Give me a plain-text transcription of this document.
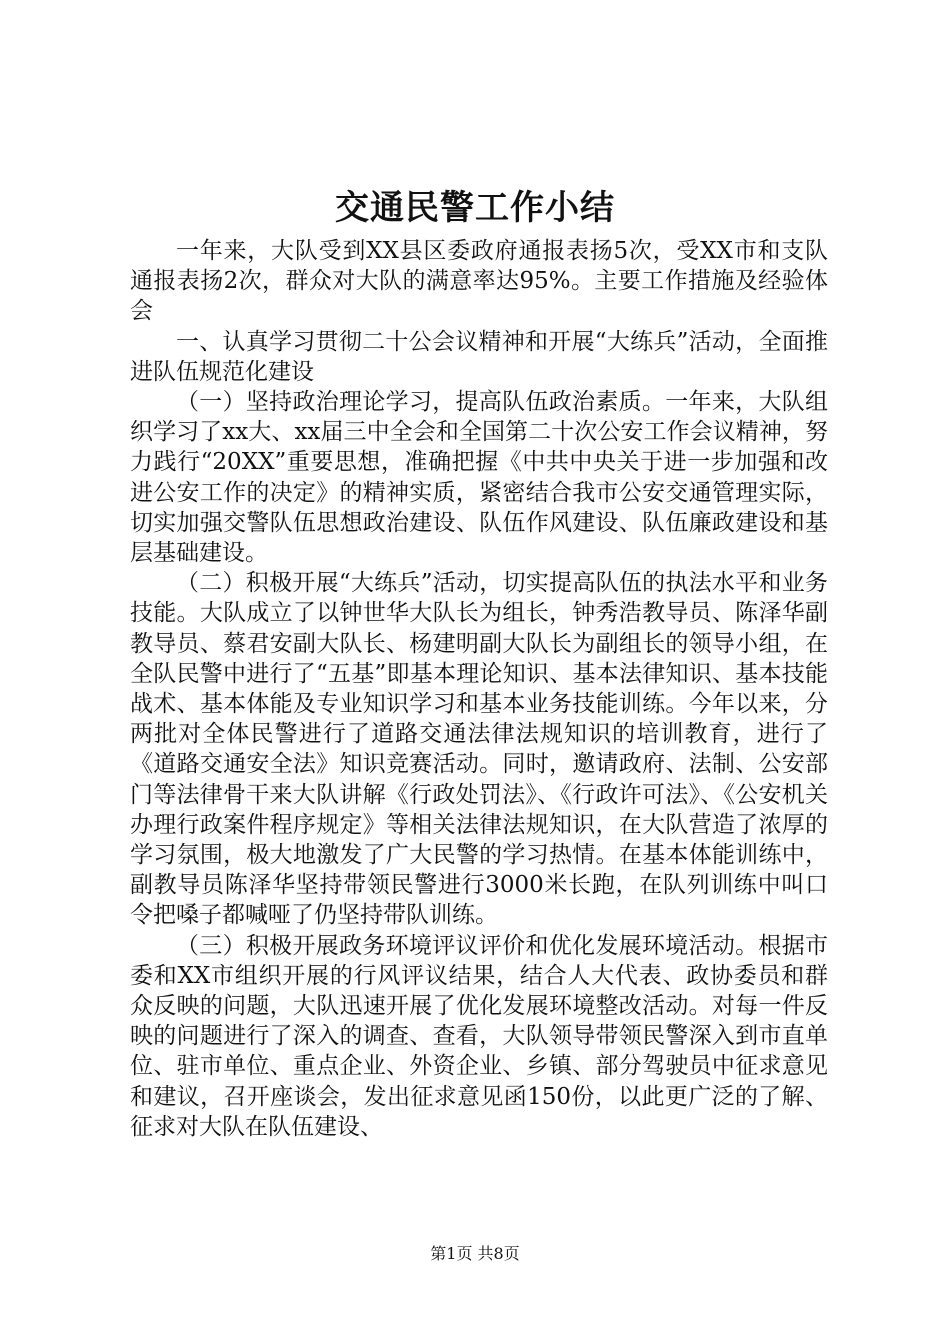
交通民警工作小结

一年来，大队受到XX县区委政府通报表扬5次，受XX市和支队通报表扬2次，群众对大队的满意率达95%。主要工作措施及经验体会

一、认真学习贯彻二十公会议精神和开展“大练兵”活动，全面推进队伍规范化建设

（一）坚持政治理论学习，提高队伍政治素质。一年来，大队组织学习了xx大、xx届三中全会和全国第二十次公安工作会议精神，努力践行“20XX”重要思想，准确把握《中共中央关于进一步加强和改进公安工作的决定》的精神实质，紧密结合我市公安交通管理实际，切实加强交警队伍思想政治建设、队伍作风建设、队伍廉政建设和基层基础建设。

（二）积极开展“大练兵”活动，切实提高队伍的执法水平和业务技能。大队成立了以钟世华大队长为组长，钟秀浩教导员、陈泽华副教导员、蔡君安副大队长、杨建明副大队长为副组长的领导小组，在全队民警中进行了“五基”即基本理论知识、基本法律知识、基本技能战术、基本体能及专业知识学习和基本业务技能训练。今年以来，分两批对全体民警进行了道路交通法律法规知识的培训教育，进行了《道路交通安全法》知识竞赛活动。同时，邀请政府、法制、公安部门等法律骨干来大队讲解《行政处罚法》、《行政许可法》、《公安机关办理行政案件程序规定》等相关法律法规知识，在大队营造了浓厚的学习氛围，极大地激发了广大民警的学习热情。在基本体能训练中，副教导员陈泽华坚持带领民警进行3000米长跑，在队列训练中叫口令把嗓子都喊哑了仍坚持带队训练。

（三）积极开展政务环境评议评价和优化发展环境活动。根据市委和XX市组织开展的行风评议结果，结合人大代表、政协委员和群众反映的问题，大队迅速开展了优化发展环境整改活动。对每一件反映的问题进行了深入的调查、查看，大队领导带领民警深入到市直单位、驻市单位、重点企业、外资企业、乡镇、部分驾驶员中征求意见和建议，召开座谈会，发出征求意见函150份，以此更广泛的了解、征求对大队在队伍建设、

第1页 共8页
